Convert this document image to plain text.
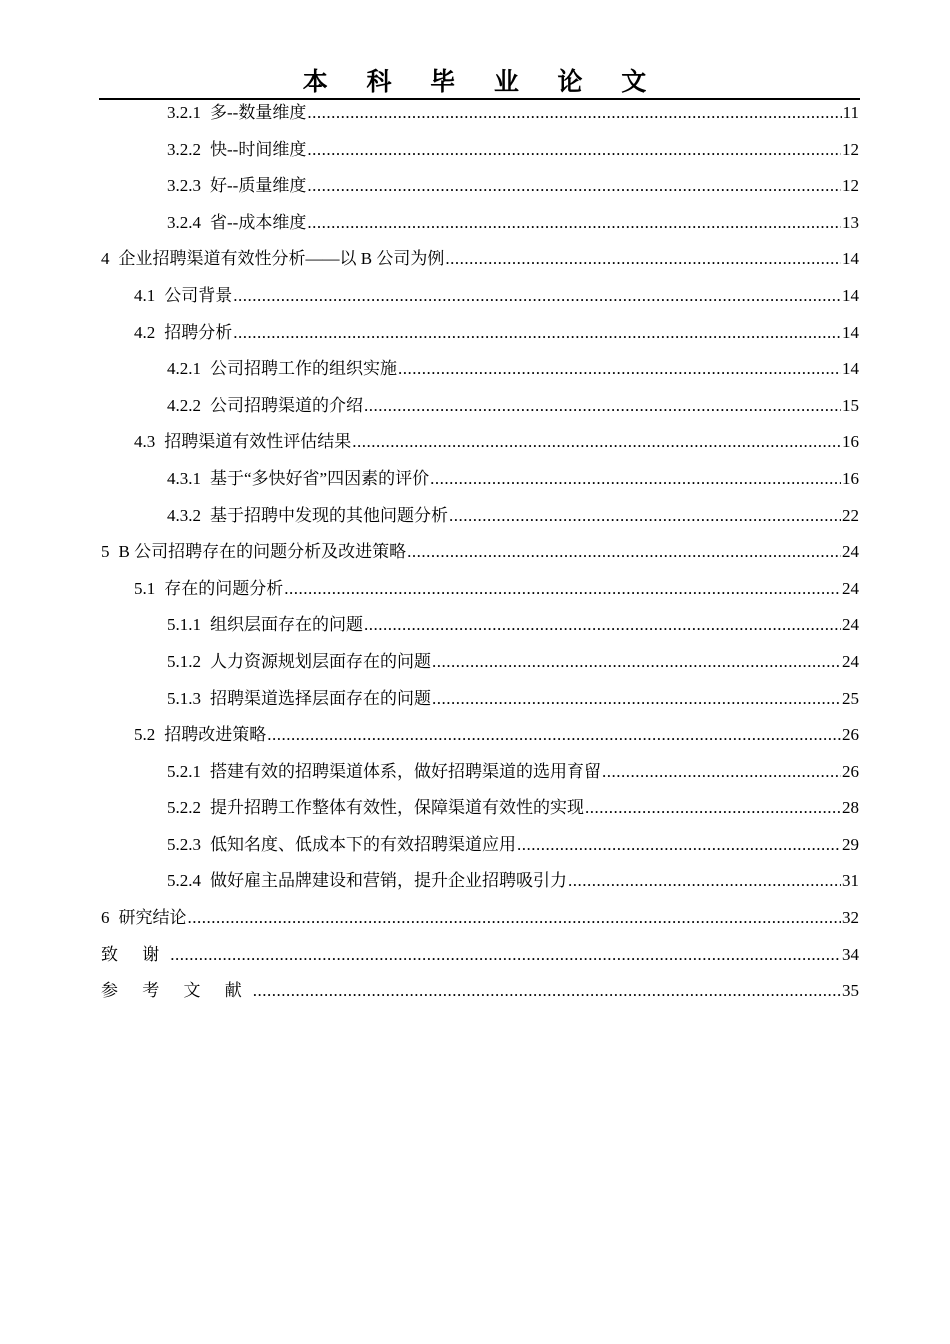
本 科 毕 业 论 文
3.2.1 多--数量维度 .....	11
3.2.2 快--时间维度 .....	12
3.2.3 好--质量维度 .....	12
3.2.4 省--成本维度 .....	13
4 企业招聘渠道有效性分析——以 B 公司为例 .....	14
4.1 公司背景 .....	14
4.2 招聘分析 .....	14
4.2.1 公司招聘工作的组织实施 .....	14
4.2.2 公司招聘渠道的介绍 .....	15
4.3 招聘渠道有效性评估结果 .....	16
4.3.1 基于“多快好省”四因素的评价 .....	16
4.3.2 基于招聘中发现的其他问题分析 .....	22
5 B 公司招聘存在的问题分析及改进策略 .....	24
5.1 存在的问题分析 .....	24
5.1.1 组织层面存在的问题 .....	24
5.1.2 人力资源规划层面存在的问题 .....	24
5.1.3 招聘渠道选择层面存在的问题 .....	25
5.2 招聘改进策略 .....	26
5.2.1 搭建有效的招聘渠道体系，做好招聘渠道的选用育留 .....	26
5.2.2 提升招聘工作整体有效性，保障渠道有效性的实现 .....	28
5.2.3 低知名度、低成本下的有效招聘渠道应用 .....	29
5.2.4 做好雇主品牌建设和营销，提升企业招聘吸引力 .....	31
6 研究结论 .....	32
致 谢 .....	34
参 考 文 献 .....	35
